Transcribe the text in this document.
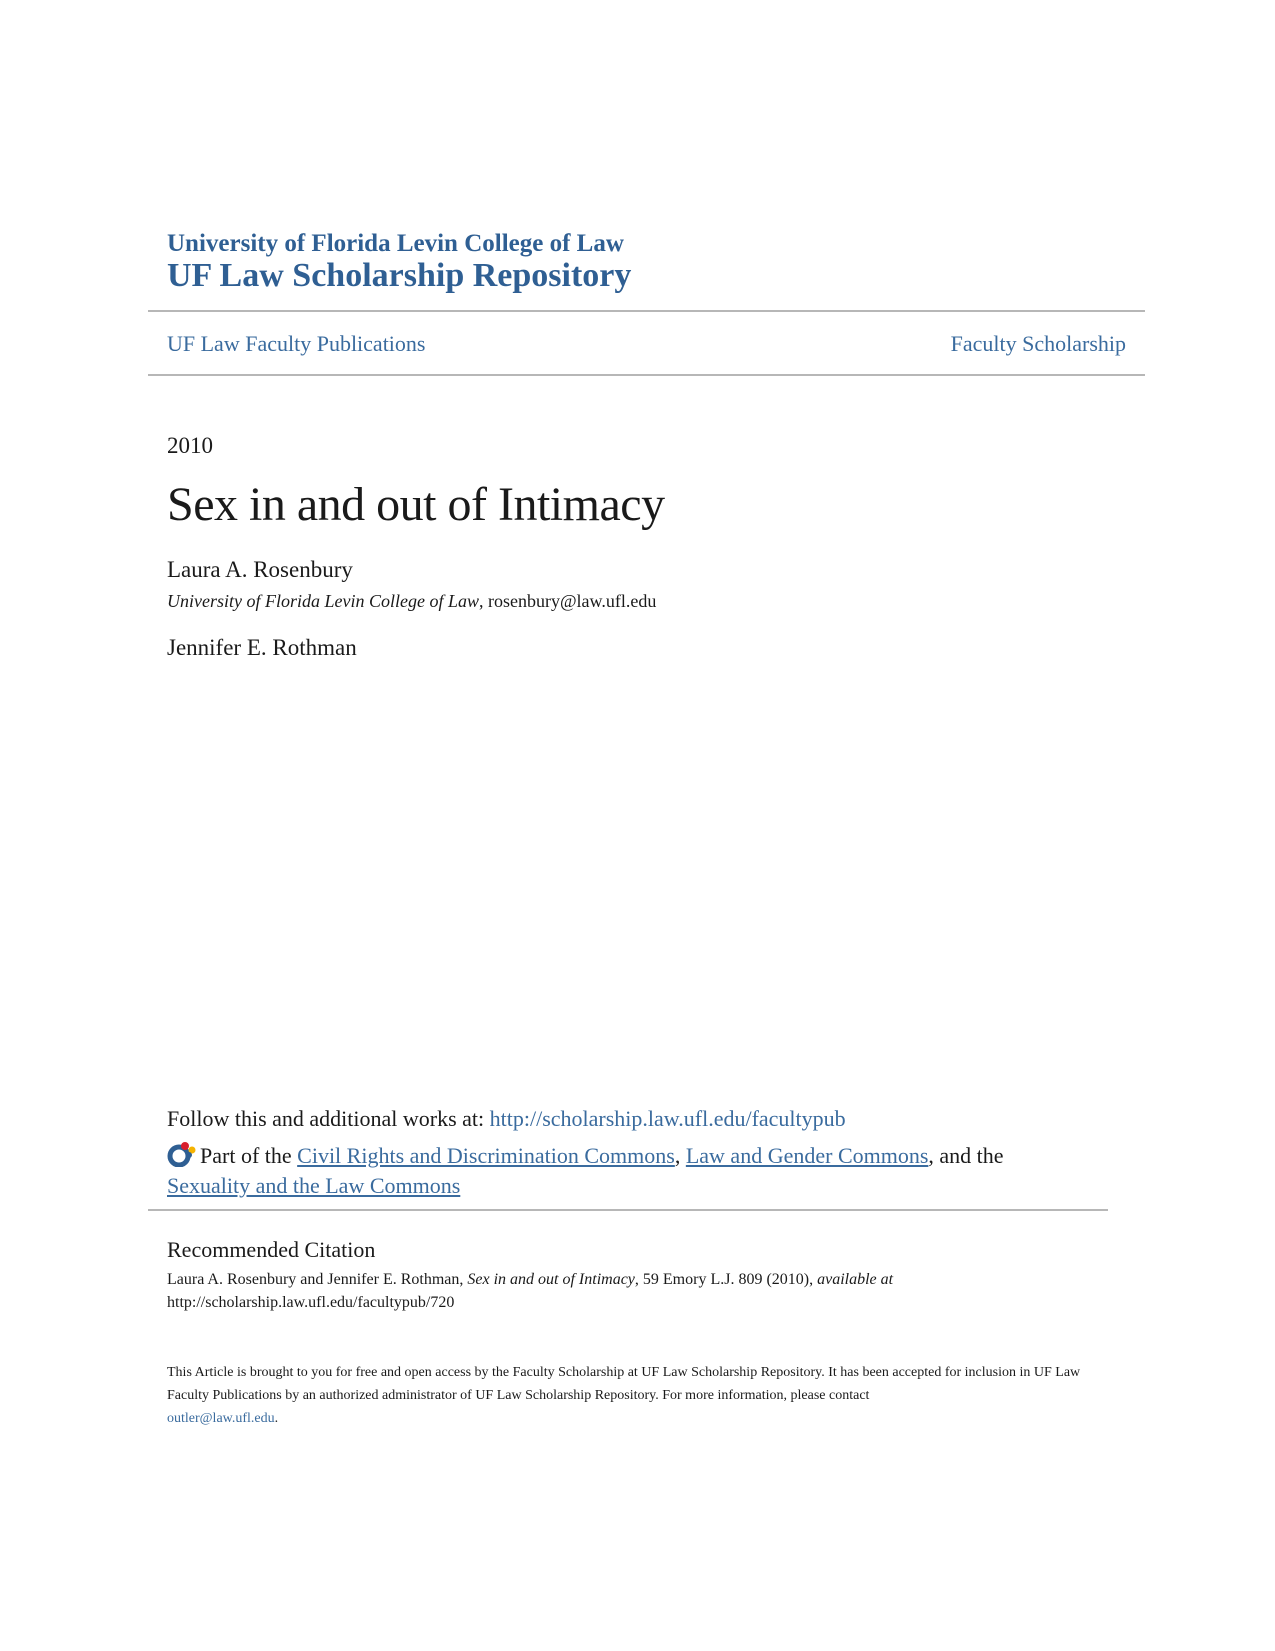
University of Florida Levin College of Law
UF Law Scholarship Repository
UF Law Faculty Publications	Faculty Scholarship
2010
Sex in and out of Intimacy
Laura A. Rosenbury
University of Florida Levin College of Law, rosenbury@law.ufl.edu
Jennifer E. Rothman
Follow this and additional works at: http://scholarship.law.ufl.edu/facultypub
Part of the Civil Rights and Discrimination Commons, Law and Gender Commons, and the
Sexuality and the Law Commons
Recommended Citation
Laura A. Rosenbury and Jennifer E. Rothman, Sex in and out of Intimacy, 59 Emory L.J. 809 (2010), available at
http://scholarship.law.ufl.edu/facultypub/720
This Article is brought to you for free and open access by the Faculty Scholarship at UF Law Scholarship Repository. It has been accepted for inclusion in UF Law Faculty Publications by an authorized administrator of UF Law Scholarship Repository. For more information, please contact
outler@law.ufl.edu.
